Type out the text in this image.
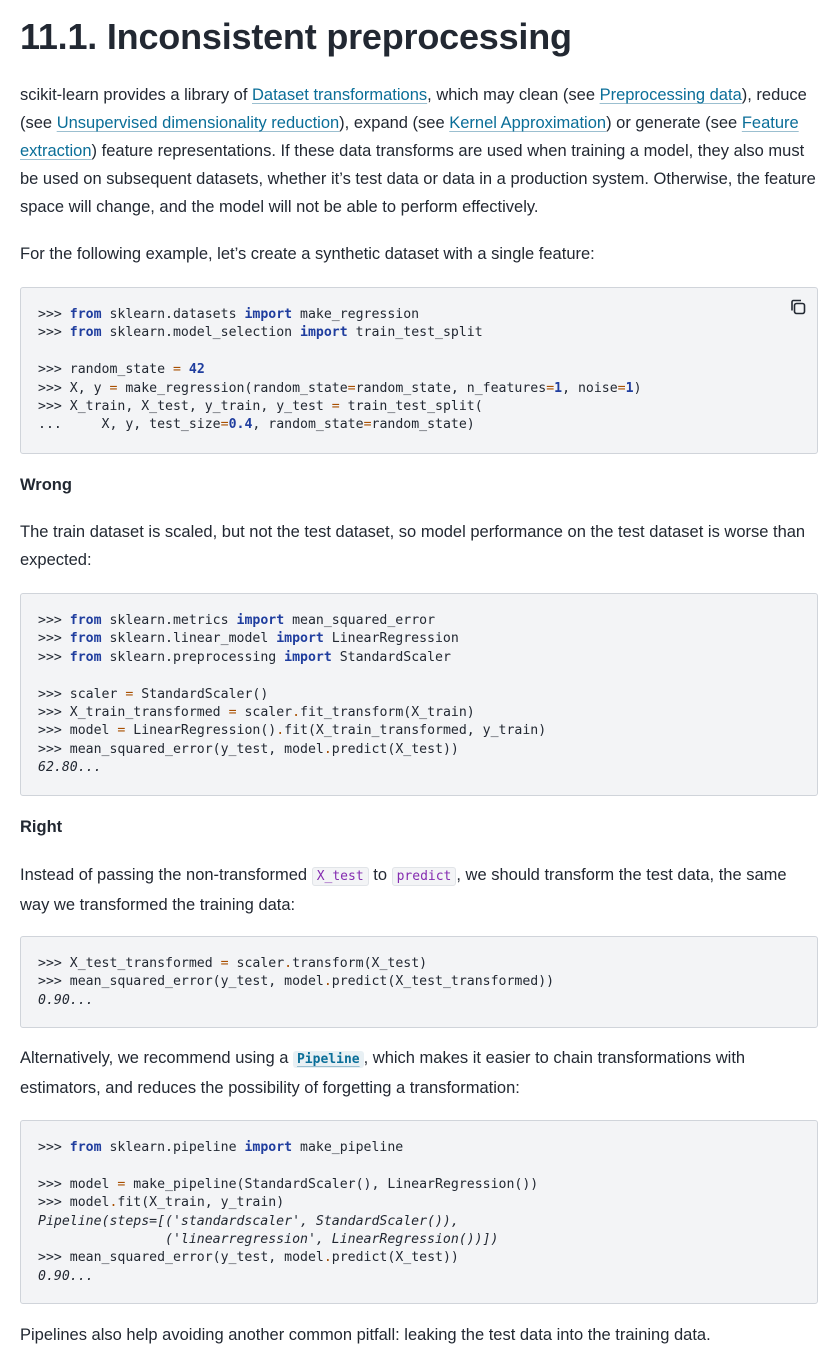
11.1. Inconsistent preprocessing

scikit-learn provides a library of Dataset transformations, which may clean (see Preprocessing data), reduce (see Unsupervised dimensionality reduction), expand (see Kernel Approximation) or generate (see Feature extraction) feature representations. If these data transforms are used when training a model, they also must be used on subsequent datasets, whether it’s test data or data in a production system. Otherwise, the feature space will change, and the model will not be able to perform effectively.

For the following example, let’s create a synthetic dataset with a single feature:

>>> from sklearn.datasets import make_regression
>>> from sklearn.model_selection import train_test_split
>>> random_state = 42
>>> X, y = make_regression(random_state=random_state, n_features=1, noise=1)
>>> X_train, X_test, y_train, y_test = train_test_split(
...     X, y, test_size=0.4, random_state=random_state)

Wrong

The train dataset is scaled, but not the test dataset, so model performance on the test dataset is worse than expected:

>>> from sklearn.metrics import mean_squared_error
>>> from sklearn.linear_model import LinearRegression
>>> from sklearn.preprocessing import StandardScaler
>>> scaler = StandardScaler()
>>> X_train_transformed = scaler.fit_transform(X_train)
>>> model = LinearRegression().fit(X_train_transformed, y_train)
>>> mean_squared_error(y_test, model.predict(X_test))
62.80...

Right

Instead of passing the non-transformed X_test to predict , we should transform the test data, the same way we transformed the training data:

>>> X_test_transformed = scaler.transform(X_test)
>>> mean_squared_error(y_test, model.predict(X_test_transformed))
0.90...

Alternatively, we recommend using a Pipeline , which makes it easier to chain transformations with estimators, and reduces the possibility of forgetting a transformation:

>>> from sklearn.pipeline import make_pipeline
>>> model = make_pipeline(StandardScaler(), LinearRegression())
>>> model.fit(X_train, y_train)
Pipeline(steps=[('standardscaler', StandardScaler()),
('linearregression', LinearRegression())])
>>> mean_squared_error(y_test, model.predict(X_test))
0.90...

Pipelines also help avoiding another common pitfall: leaking the test data into the training data.
